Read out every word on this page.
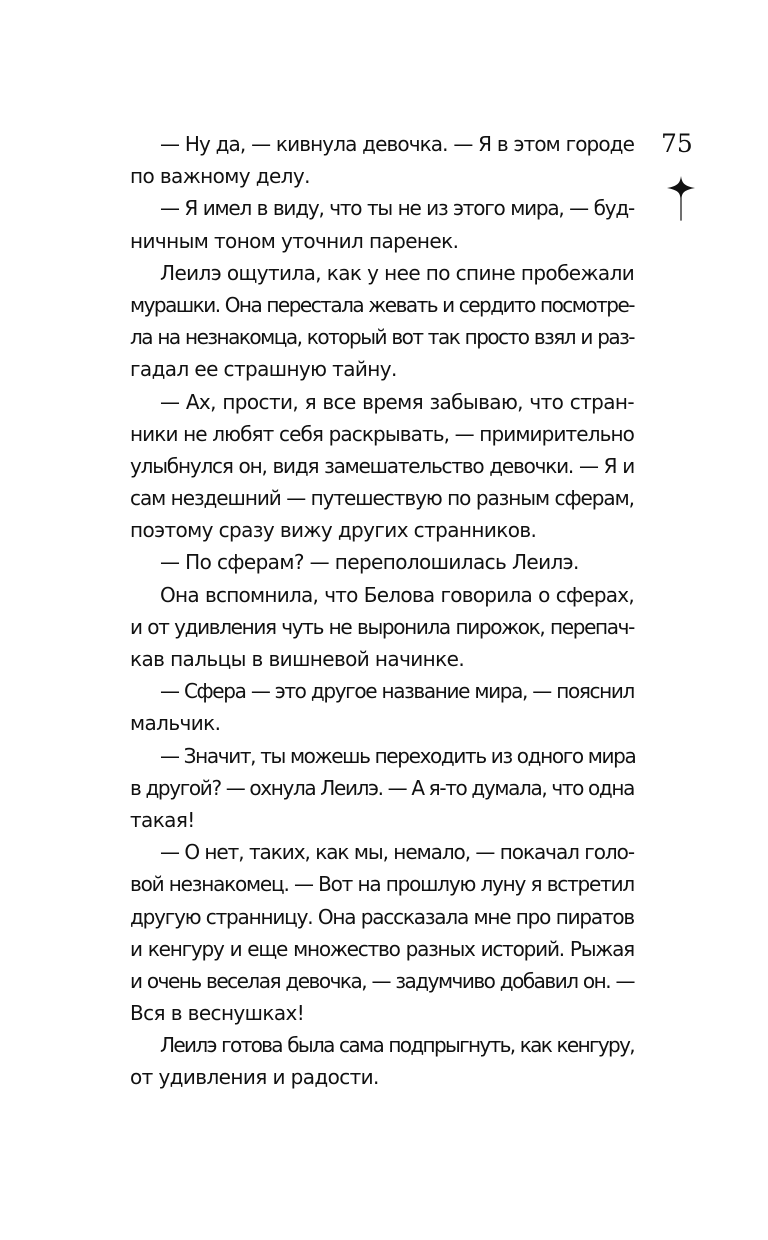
75
— Ну да, — кивнула девочка. — Я в этом городе
по важному делу.
— Я имел в виду, что ты не из этого мира, — буд-
ничным тоном уточнил паренек.
Леилэ ощутила, как у нее по спине пробежали
мурашки. Она перестала жевать и сердито посмотре-
ла на незнакомца, который вот так просто взял и раз-
гадал ее страшную тайну.
— Ах, прости, я все время забываю, что стран-
ники не любят себя раскрывать, — примирительно
улыбнулся он, видя замешательство девочки. — Я и
сам нездешний — путешествую по разным сферам,
поэтому сразу вижу других странников.
— По сферам? — переполошилась Леилэ.
Она вспомнила, что Белова говорила о сферах,
и от удивления чуть не выронила пирожок, перепач-
кав пальцы в вишневой начинке.
— Сфера — это другое название мира, — пояснил
мальчик.
— Значит, ты можешь переходить из одного мира
в другой? — охнула Леилэ. — А я-то думала, что одна
такая!
— О нет, таких, как мы, немало, — покачал голо-
вой незнакомец. — Вот на прошлую луну я встретил
другую странницу. Она рассказала мне про пиратов
и кенгуру и еще множество разных историй. Рыжая
и очень веселая девочка, — задумчиво добавил он. —
Вся в веснушках!
Леилэ готова была сама подпрыгнуть, как кенгуру,
от удивления и радости.
